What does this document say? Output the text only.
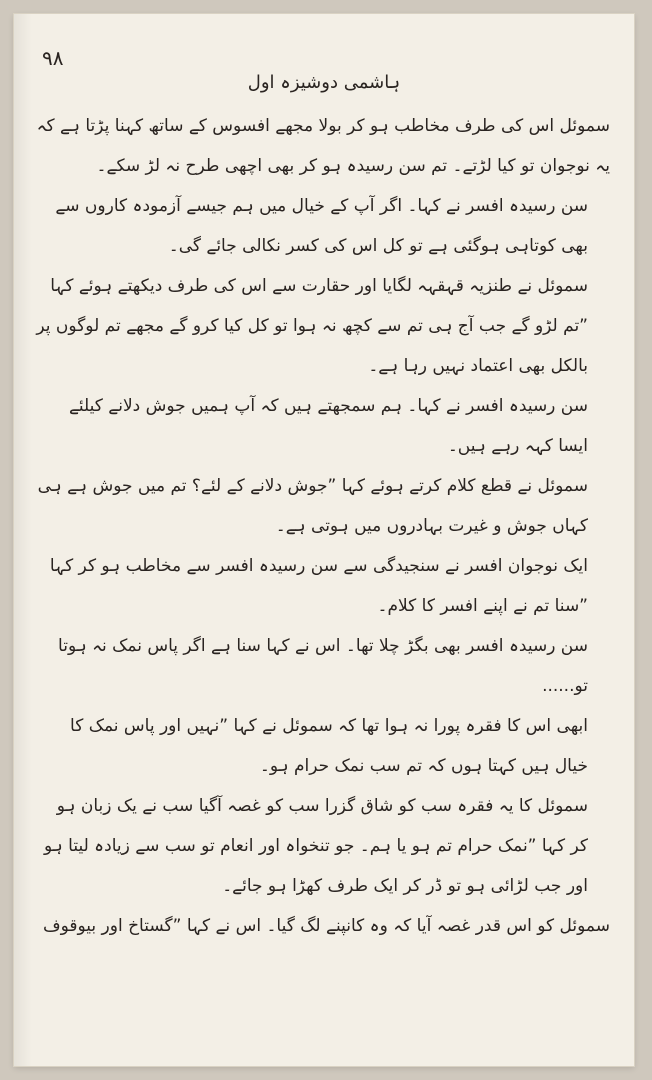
۹۸
ہاشمی دوشیزہ اول

سموئل اس کی طرف مخاطب ہو کر بولا مجھے افسوس کے ساتھ کہنا پڑتا ہے کہ یہ نوجوان تو کیا لڑتے۔ تم سن رسیدہ ہو کر بھی اچھی طرح نہ لڑ سکے۔

سن رسیدہ افسر نے کہا۔ اگر آپ کے خیال میں ہم جیسے آزمودہ کاروں سے بھی کوتاہی ہوگئی ہے تو کل اس کی کسر نکالی جائے گی۔

سموئل نے طنزیہ قہقہہ لگایا اور حقارت سے اس کی طرف دیکھتے ہوئے کہا ”تم لڑو گے جب آج ہی تم سے کچھ نہ ہوا تو کل کیا کرو گے مجھے تم لوگوں پر بالکل بھی اعتماد نہیں رہا ہے۔

سن رسیدہ افسر نے کہا۔ ہم سمجھتے ہیں کہ آپ ہمیں جوش دلانے کیلئے ایسا کہہ رہے ہیں۔

سموئل نے قطع کلام کرتے ہوئے کہا ”جوش دلانے کے لئے؟ تم میں جوش ہے ہی کہاں جوش و غیرت بہادروں میں ہوتی ہے۔

ایک نوجوان افسر نے سنجیدگی سے سن رسیدہ افسر سے مخاطب ہو کر کہا ”سنا تم نے اپنے افسر کا کلام۔

سن رسیدہ افسر بھی بگڑ چلا تھا۔ اس نے کہا سنا ہے اگر پاس نمک نہ ہوتا تو......

ابھی اس کا فقرہ پورا نہ ہوا تھا کہ سموئل نے کہا ”نہیں اور پاس نمک کا خیال ہیں کہتا ہوں کہ تم سب نمک حرام ہو۔

سموئل کا یہ فقرہ سب کو شاق گزرا سب کو غصہ آگیا سب نے یک زبان ہو کر کہا ”نمک حرام تم ہو یا ہم۔ جو تنخواہ اور انعام تو سب سے زیادہ لیتا ہو اور جب لڑائی ہو تو ڈر کر ایک طرف کھڑا ہو جائے۔

سموئل کو اس قدر غصہ آیا کہ وہ کانپنے لگ گیا۔ اس نے کہا ”گستاخ اور بیوقوف
